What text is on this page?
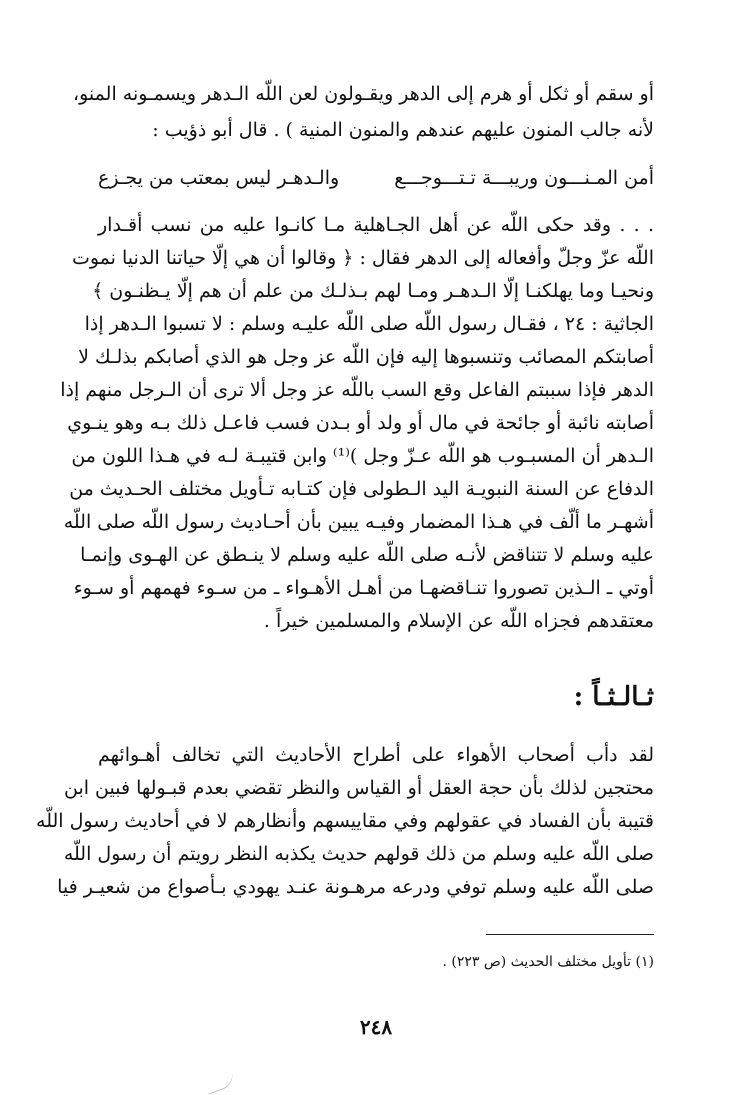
أو سقم أو ثكل أو هرم إلى الدهر ويقـولون لعن اللّه الـدهر ويسمـونه المنو،
لأنه جالب المنون عليهم عندهم والمنون المنية ) . قال أبو ذؤيب :
أمن المـنـــون وريبـــة تـتـــوجـــع
والـدهـر ليس بمعتب من يجـزع
. . . وقد حكى اللّه عن أهل الجـاهلية مـا كانـوا عليه من نسب أقـدار
اللّه عزّ وجلّ وأفعاله إلى الدهر فقال : ﴿ وقالوا أن هي إلّا حياتنا الدنيا نموت
ونحيـا وما يهلكنـا إلّا الـدهـر ومـا لهم بـذلـك من علم أن هم إلّا يـظنـون ﴾
الجاثية : ٢٤ ، فقـال رسول اللّه صلى اللّه عليـه وسلم : لا تسبوا الـدهر إذا
أصابتكم المصائب وتنسبوها إليه فإن اللّه عز وجل هو الذي أصابكم بذلـك لا
الدهر فإذا سببتم الفاعل وقع السب باللّه عز وجل ألا ترى أن الـرجل منهم إذا
أصابته نائبة أو جائحة في مال أو ولد أو بـدن فسب فاعـل ذلك بـه وهو ينـوي
الـدهر أن المسبـوب هو اللّه عـزّ وجل )⁽¹⁾ وابن قتيبـة لـه في هـذا اللون من
الدفاع عن السنة النبويـة اليد الـطولى فإن كتـابه تـأويل مختلف الحـديث من
أشهـر ما ألّف في هـذا المضمار وفيـه يبين بأن أحـاديث رسول اللّه صلى اللّه
عليه وسلم لا تتناقض لأنـه صلى اللّه عليه وسلم لا ينـطق عن الهـوى وإنمـا
أوتي ـ الـذين تصوروا تنـاقضهـا من أهـل الأهـواء ـ من سـوء فهمهم أو سـوء
معتقدهم فجزاه اللّه عن الإسلام والمسلمين خيراً .
ثـالـثـاً :
لقد دأب أصحاب الأهواء على أطراح الأحاديث التي تخالف أهـوائهم
محتجين لذلك بأن حجة العقل أو القياس والنظر تقضي بعدم قبـولها فبين ابن
قتيبة بأن الفساد في عقولهم وفي مقاييسهم وأنظارهم لا في أحاديث رسول اللّه
صلى اللّه عليه وسلم من ذلك قولهم حديث يكذبه النظر رويتم أن رسول اللّه
صلى اللّه عليه وسلم توفي ودرعه مرهـونة عنـد يهودي بـأصواع من شعيـر فيا
(١) تأويل مختلف الحديث (ص ٢٢٣) .
٢٤٨
